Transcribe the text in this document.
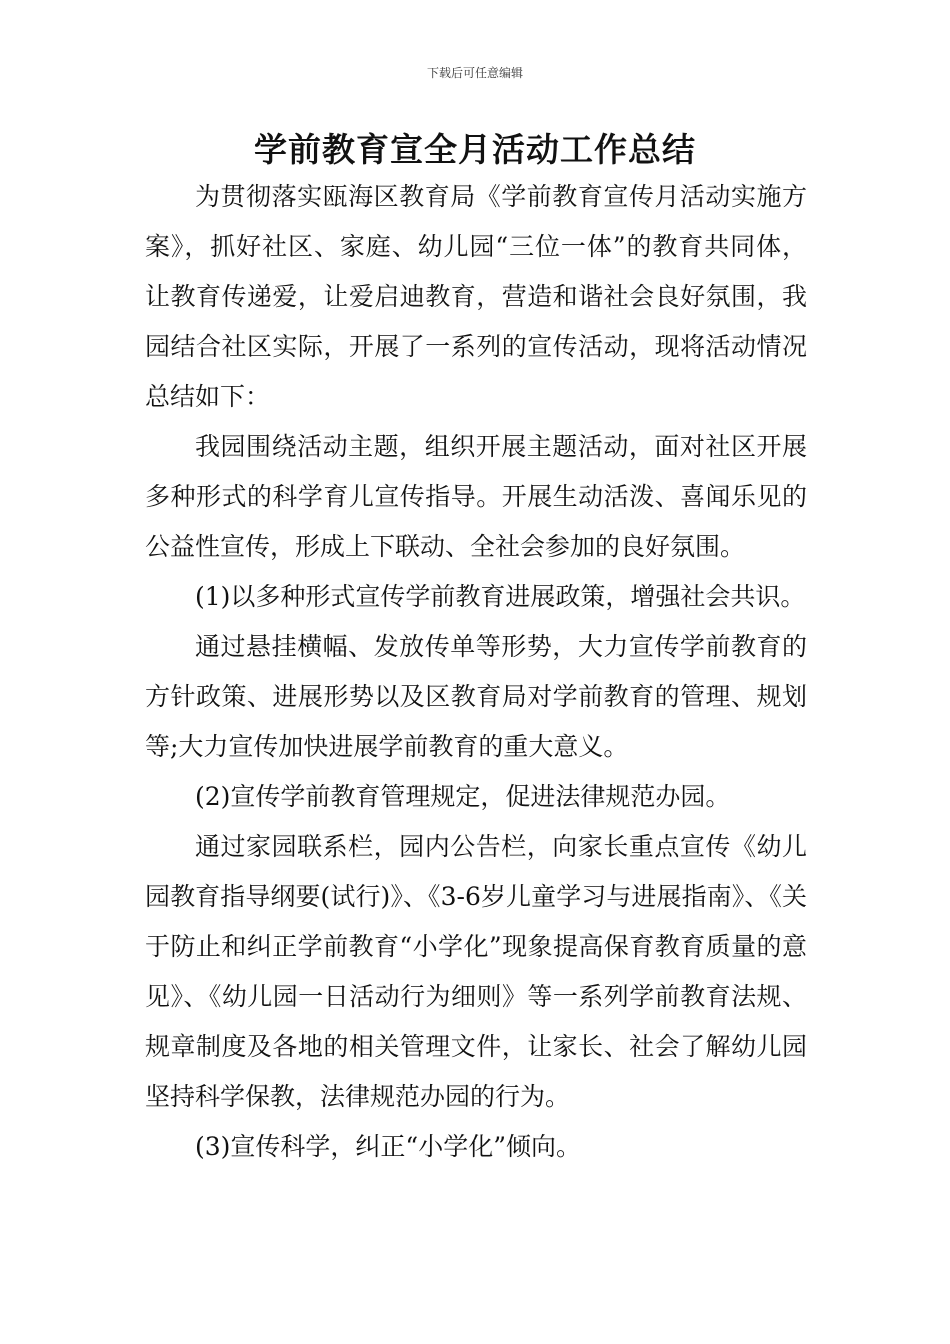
下载后可任意编辑
学前教育宣全月活动工作总结

为贯彻落实瓯海区教育局《学前教育宣传月活动实施方案》，抓好社区、家庭、幼儿园“三位一体”的教育共同体，让教育传递爱，让爱启迪教育，营造和谐社会良好氛围，我园结合社区实际，开展了一系列的宣传活动，现将活动情况总结如下：

我园围绕活动主题，组织开展主题活动，面对社区开展多种形式的科学育儿宣传指导。开展生动活泼、喜闻乐见的公益性宣传，形成上下联动、全社会参加的良好氛围。

(1)以多种形式宣传学前教育进展政策，增强社会共识。

通过悬挂横幅、发放传单等形势，大力宣传学前教育的方针政策、进展形势以及区教育局对学前教育的管理、规划等;大力宣传加快进展学前教育的重大意义。

(2)宣传学前教育管理规定，促进法律规范办园。

通过家园联系栏，园内公告栏，向家长重点宣传《幼儿园教育指导纲要(试行)》、《3-6岁儿童学习与进展指南》、《关于防止和纠正学前教育“小学化”现象提高保育教育质量的意见》、《幼儿园一日活动行为细则》等一系列学前教育法规、规章制度及各地的相关管理文件，让家长、社会了解幼儿园坚持科学保教，法律规范办园的行为。

(3)宣传科学，纠正“小学化”倾向。
